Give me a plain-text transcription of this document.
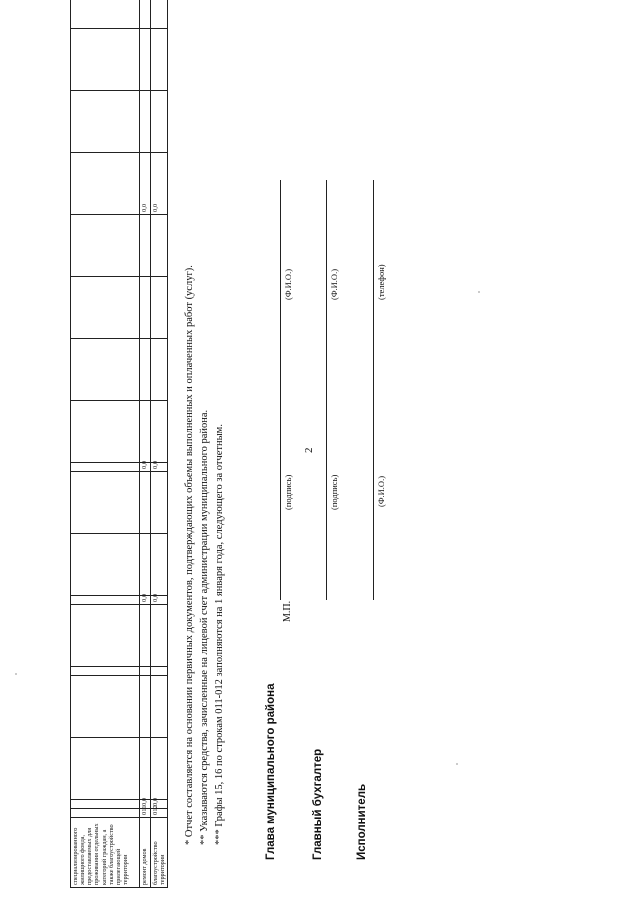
2
специализированного жилищного фонда, предоставляемых для проживания отдельных категорий граждан, а также благоустройство прилегающей территории																		
ремонт домов	011	0,0					0,0			0,0					0,0			
благоустройство территории	012	0,0					0,0			0,0					0,0			
* Отчет составляется на основании первичных документов, подтверждающих объемы выполненных и оплаченных работ (услуг). ** Указываются средства, зачисленные на лицевой счет администрации муниципального района. *** Графы 15, 16 по строкам 011-012 заполняются на 1 января года, следующего за отчетным.	Глава муниципального района
М.П.
(подпись)
(Ф.И.О.)
Главный бухгалтер
(подпись)
(Ф.И.О.)
Исполнитель
(Ф.И.О.)
(телефон)
